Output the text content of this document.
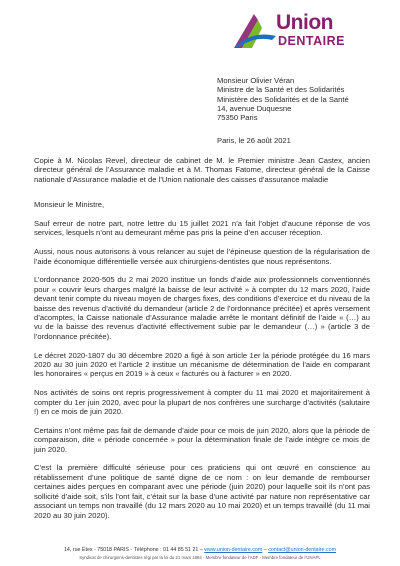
Union
DENTAIRE
Monsieur Olivier Véran
Ministre de la Santé et des Solidarités
Ministère des Solidarités et de la Santé
14, avenue Duquesne
75350 Paris
Paris, le 26 août 2021

Copie à M. Nicolas Revel, directeur de cabinet de M. le Premier ministre Jean Castex, ancien directeur général de l’Assurance maladie et à M. Thomas Fatome, directeur général de la Caisse nationale d’Assurance maladie et de l’Union nationale des caisses d’assurance maladie

Monsieur le Ministre,

Sauf erreur de notre part, notre lettre du 15 juillet 2021 n’a fait l’objet d’aucune réponse de vos services, lesquels n’ont au demeurant même pas pris la peine d’en accuser réception.

Aussi, nous nous autorisons à vous relancer au sujet de l’épineuse question de la régularisation de l’aide économique différentielle versée aux chirurgiens-dentistes que nous représentons.

L’ordonnance 2020-505 du 2 mai 2020 institue un fonds d’aide aux professionnels conventionnés pour « couvrir leurs charges malgré la baisse de leur activité » à compter du 12 mars 2020, l’aide devant tenir compte du niveau moyen de charges fixes, des conditions d’exercice et du niveau de la baisse des revenus d’activité du demandeur (article 2 de l’ordonnance précitée) et après versement d’acomptes, la Caisse nationale d’Assurance maladie arrête le montant définitif de l’aide « (…) au vu de la baisse des revenus d’activité effectivement subie par le demandeur (…) » (article 3 de l’ordonnance précitée).

Le décret 2020-1807 du 30 décembre 2020 a figé à son article 1er la période protégée du 16 mars 2020 au 30 juin 2020 et l’article 2 institue un mécanisme de détermination de l’aide en comparant les honoraires « perçus en 2019 » à ceux « facturés ou à facturer » en 2020.

Nos activités de soins ont repris progressivement à compter du 11 mai 2020 et majoritairement à compter du 1er juin 2020, avec pour la plupart de nos confrères une surcharge d’activités (salutaire !) en ce mois de juin 2020.

Certains n’ont même pas fait de demande d’aide pour ce mois de juin 2020, alors que la période de comparaison, dite « période concernée » pour la détermination finale de l’aide intègre ce mois de juin 2020.

C’est la première difficulté sérieuse pour ces praticiens qui ont œuvré en conscience au rétablissement d’une politique de santé digne de ce nom : on leur demande de rembourser certaines aides perçues en comparant avec une période (juin 2020) pour laquelle soit ils n’ont pas sollicité d’aide soit, s’ils l’ont fait, c’était sur la base d’une activité par nature non représentative car associant un temps non travaillé (du 12 mars 2020 au 10 mai 2020) et un temps travaillé (du 11 mai 2020 au 30 juin 2020).

14, rue Étex - 75018 PARIS - Téléphone : 01 44 85 51 21 – www.union-dentaire.com – contact@union-dentaire.com
Syndicat de chirurgiens-dentistes régi par la loi du 21 mars 1884 - Membre fondateur de l’ADF - Membre fondateur de l’UNAPL
